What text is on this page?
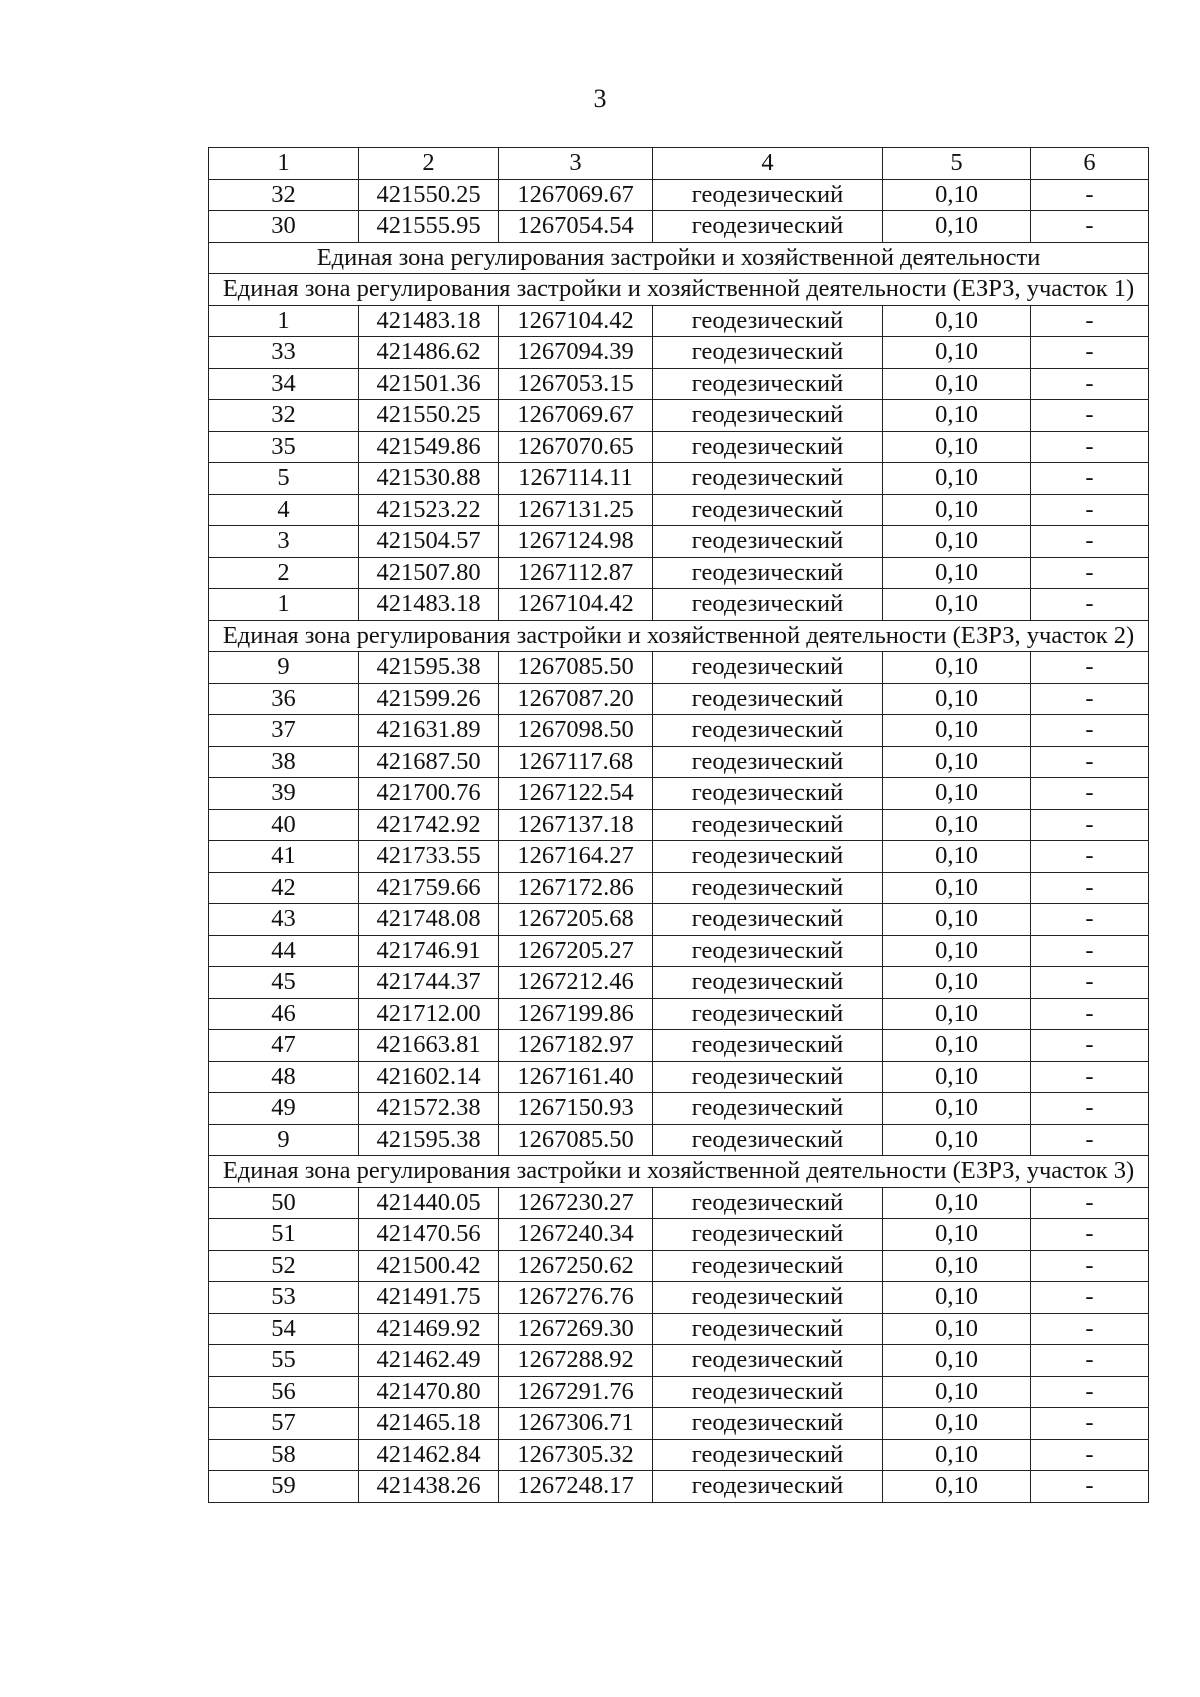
3
1	2	3	4	5	6
32	421550.25	1267069.67	геодезический	0,10	-
30	421555.95	1267054.54	геодезический	0,10	-
Единая зона регулирования застройки и хозяйственной деятельности					
Единая зона регулирования застройки и хозяйственной деятельности (ЕЗРЗ, участок 1)					
1	421483.18	1267104.42	геодезический	0,10	-
33	421486.62	1267094.39	геодезический	0,10	-
34	421501.36	1267053.15	геодезический	0,10	-
32	421550.25	1267069.67	геодезический	0,10	-
35	421549.86	1267070.65	геодезический	0,10	-
5	421530.88	1267114.11	геодезический	0,10	-
4	421523.22	1267131.25	геодезический	0,10	-
3	421504.57	1267124.98	геодезический	0,10	-
2	421507.80	1267112.87	геодезический	0,10	-
1	421483.18	1267104.42	геодезический	0,10	-
Единая зона регулирования застройки и хозяйственной деятельности (ЕЗРЗ, участок 2)					
9	421595.38	1267085.50	геодезический	0,10	-
36	421599.26	1267087.20	геодезический	0,10	-
37	421631.89	1267098.50	геодезический	0,10	-
38	421687.50	1267117.68	геодезический	0,10	-
39	421700.76	1267122.54	геодезический	0,10	-
40	421742.92	1267137.18	геодезический	0,10	-
41	421733.55	1267164.27	геодезический	0,10	-
42	421759.66	1267172.86	геодезический	0,10	-
43	421748.08	1267205.68	геодезический	0,10	-
44	421746.91	1267205.27	геодезический	0,10	-
45	421744.37	1267212.46	геодезический	0,10	-
46	421712.00	1267199.86	геодезический	0,10	-
47	421663.81	1267182.97	геодезический	0,10	-
48	421602.14	1267161.40	геодезический	0,10	-
49	421572.38	1267150.93	геодезический	0,10	-
9	421595.38	1267085.50	геодезический	0,10	-
Единая зона регулирования застройки и хозяйственной деятельности (ЕЗРЗ, участок 3)					
50	421440.05	1267230.27	геодезический	0,10	-
51	421470.56	1267240.34	геодезический	0,10	-
52	421500.42	1267250.62	геодезический	0,10	-
53	421491.75	1267276.76	геодезический	0,10	-
54	421469.92	1267269.30	геодезический	0,10	-
55	421462.49	1267288.92	геодезический	0,10	-
56	421470.80	1267291.76	геодезический	0,10	-
57	421465.18	1267306.71	геодезический	0,10	-
58	421462.84	1267305.32	геодезический	0,10	-
59	421438.26	1267248.17	геодезический	0,10	-
